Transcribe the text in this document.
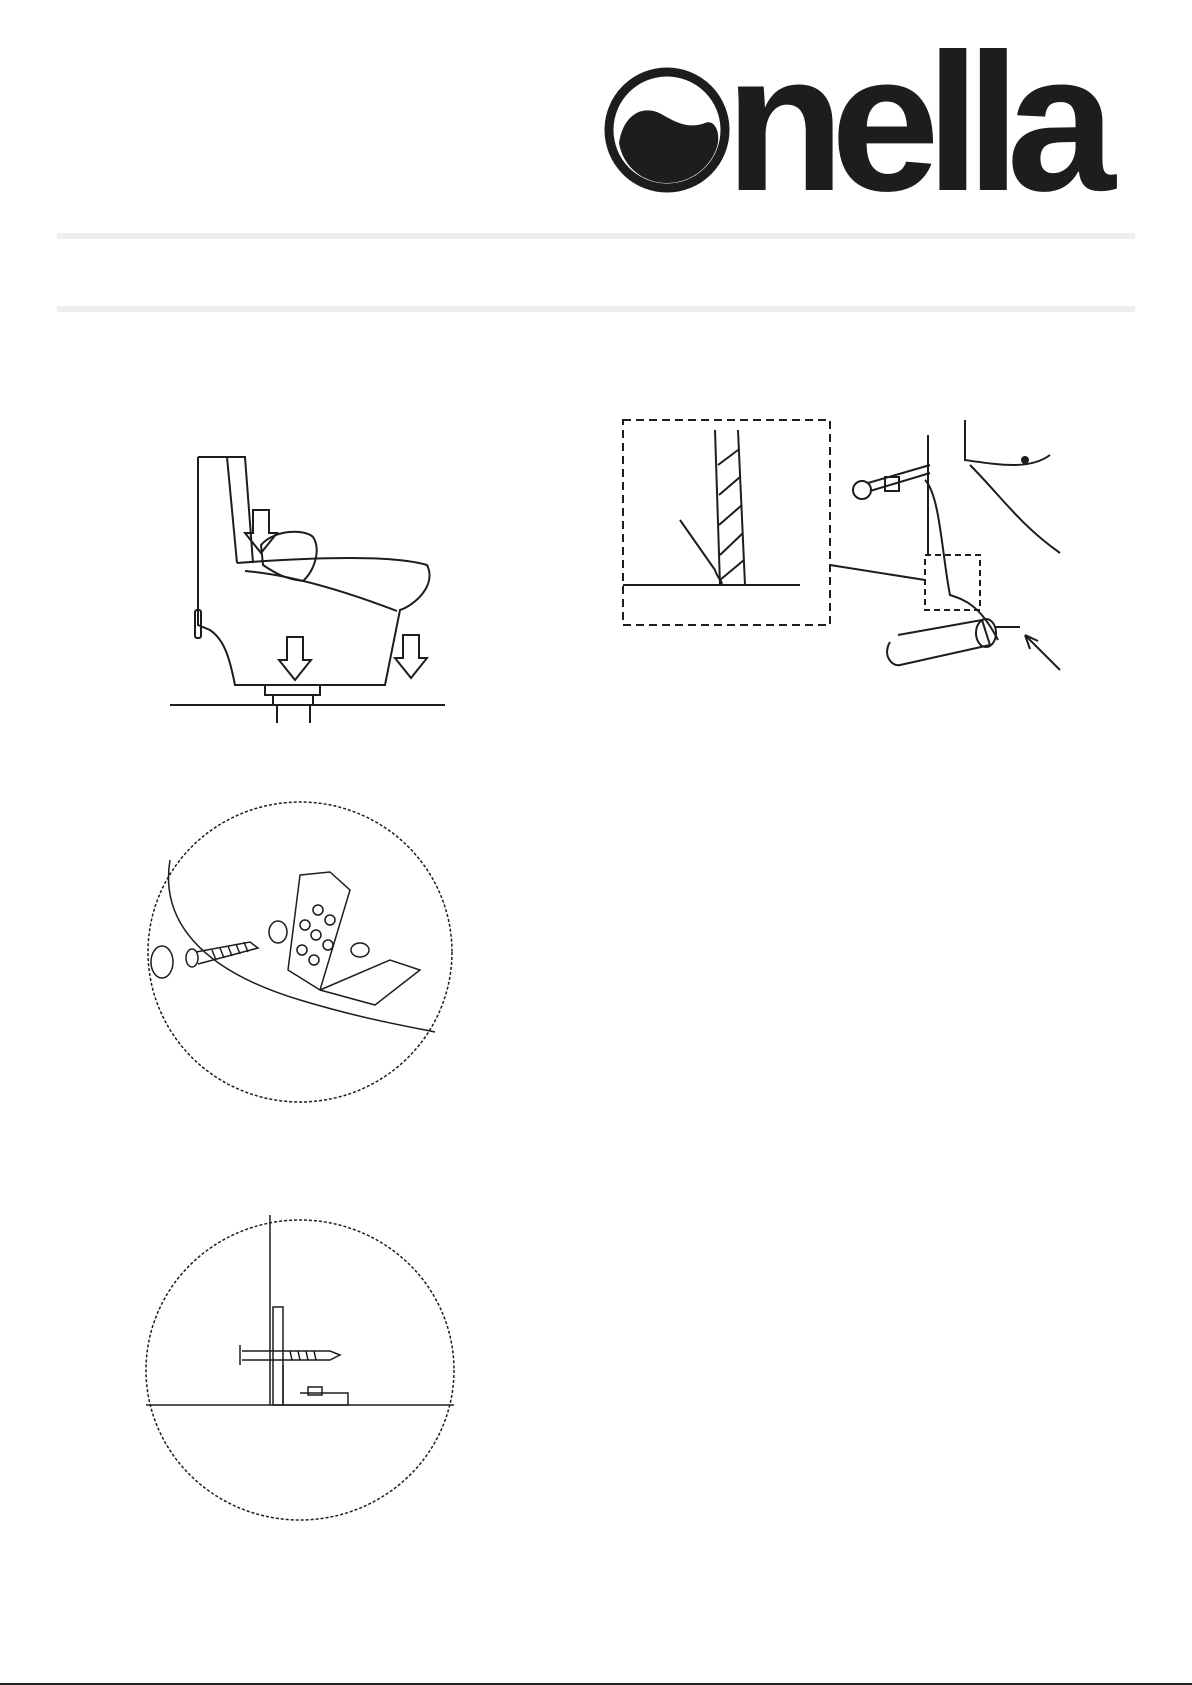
nella
